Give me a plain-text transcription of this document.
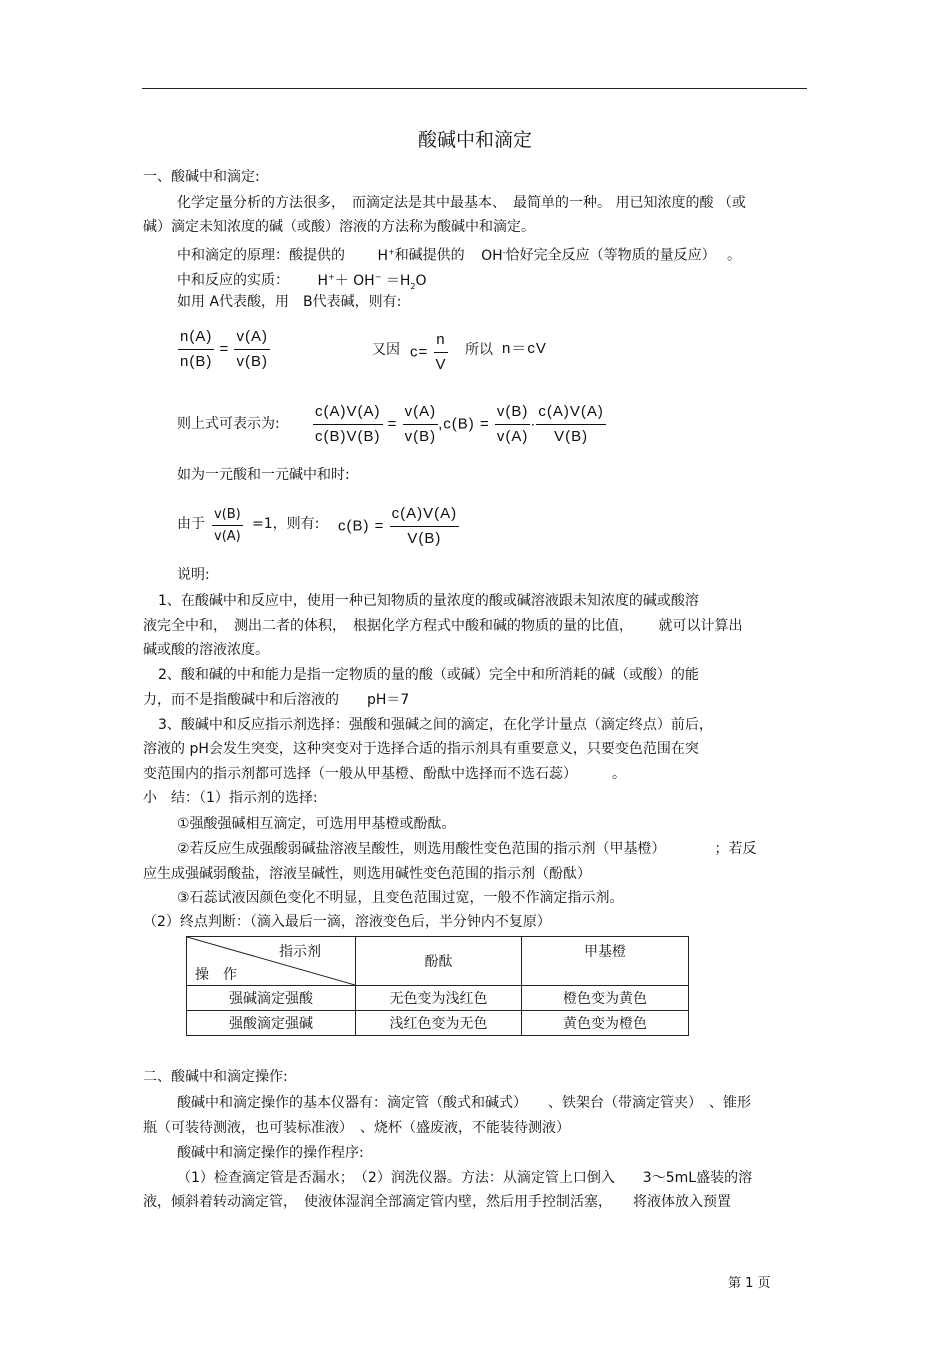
酸碱中和滴定
一、酸碱中和滴定:
化学定量分析的方法很多，　而滴定法是其中最基本、　最简单的一种。 用已知浓度的酸 （或
碱）滴定未知浓度的碱（或酸）溶液的方法称为酸碱中和滴定。
中和滴定的原理：酸提供的 H+和碱提供的 OH-恰好完全反应（等物质的量反应）　 。
中和反应的实质： $H^++ OH^- =H_2O$
如用 A代表酸，用　B代表碱，则有:
$\frac{n(A)}{n(B)} = \frac{v(A)}{v(B)}$	又因 $c= \frac{n}{V}$ 所以 n＝cV
则上式可表示为: $\frac{c(A)V(A)}{c(B)V(B)} = \frac{v(A)}{v(B)} ,c(B) = \frac{v(B)}{v(A)} \cdot \frac{c(A)V(A)}{V(B)}$
如为一元酸和一元碱中和时:
由于 $\frac{v(B)}{v(A)} =1$，则有: $c(B) = \frac{c(A)V(A)}{V(B)}$
说明:
1、在酸碱中和反应中，使用一种已知物质的量浓度的酸或碱溶液跟未知浓度的碱或酸溶
液完全中和，　测出二者的体积，　根据化学方程式中酸和碱的物质的量的比值，　　 就可以计算出
碱或酸的溶液浓度。
2、酸和碱的中和能力是指一定物质的量的酸（或碱）完全中和所消耗的碱（或酸）的能
力，而不是指酸碱中和后溶液的　　pH＝7
3、酸碱中和反应指示剂选择：强酸和强碱之间的滴定，在化学计量点（滴定终点）前后，
溶液的 pH会发生突变，这种突变对于选择合适的指示剂具有重要意义，只要变色范围在突
变范围内的指示剂都可选择（一般从甲基橙、酚酞中选择而不选石蕊）　　　。
小　结：（1）指示剂的选择:
①强酸强碱相互滴定，可选用甲基橙或酚酞。
②若反应生成强酸弱碱盐溶液呈酸性，则选用酸性变色范围的指示剂（甲基橙）　　　　；若反
应生成强碱弱酸盐，溶液呈碱性，则选用碱性变色范围的指示剂（酚酞）
③石蕊试液因颜色变化不明显，且变色范围过宽，一般不作滴定指示剂。
（2）终点判断：（滴入最后一滴，溶液变色后，半分钟内不复原）
指示剂
操　作	酚酞	甲基橙
强碱滴定强酸	无色变为浅红色	橙色变为黄色
强酸滴定强碱	浅红色变为无色	黄色变为橙色
二、酸碱中和滴定操作:
酸碱中和滴定操作的基本仪器有：滴定管（酸式和碱式）　　、铁架台（带滴定管夹）　、锥形
瓶（可装待测液，也可装标准液）　、烧杯（盛废液，不能装待测液）
酸碱中和滴定操作的操作程序:
（1）检查滴定管是否漏水；　（2）润洗仪器。方法：从滴定管上口倒入　　3～5mL盛装的溶
液，倾斜着转动滴定管，　使液体湿润全部滴定管内壁，然后用手控制活塞，　　将液体放入预置
第 1 页
